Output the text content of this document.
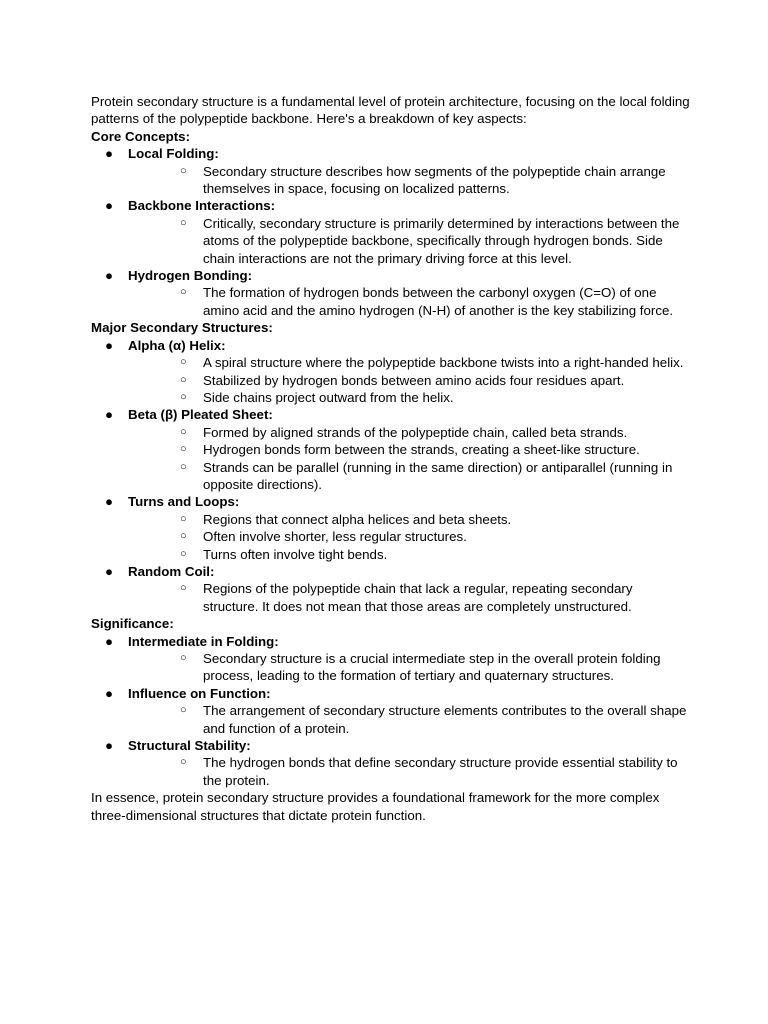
Protein secondary structure is a fundamental level of protein architecture, focusing on the local folding patterns of the polypeptide backbone. Here's a breakdown of key aspects:

Core Concepts:
● Local Folding:
○ Secondary structure describes how segments of the polypeptide chain arrange themselves in space, focusing on localized patterns.
● Backbone Interactions:
○ Critically, secondary structure is primarily determined by interactions between the atoms of the polypeptide backbone, specifically through hydrogen bonds. Side chain interactions are not the primary driving force at this level.
● Hydrogen Bonding:
○ The formation of hydrogen bonds between the carbonyl oxygen (C=O) of one amino acid and the amino hydrogen (N-H) of another is the key stabilizing force.
Major Secondary Structures:
● Alpha (α) Helix:
○ A spiral structure where the polypeptide backbone twists into a right-handed helix.
○ Stabilized by hydrogen bonds between amino acids four residues apart.
○ Side chains project outward from the helix.
● Beta (β) Pleated Sheet:
○ Formed by aligned strands of the polypeptide chain, called beta strands.
○ Hydrogen bonds form between the strands, creating a sheet-like structure.
○ Strands can be parallel (running in the same direction) or antiparallel (running in opposite directions).
● Turns and Loops:
○ Regions that connect alpha helices and beta sheets.
○ Often involve shorter, less regular structures.
○ Turns often involve tight bends.
● Random Coil:
○ Regions of the polypeptide chain that lack a regular, repeating secondary structure. It does not mean that those areas are completely unstructured.
Significance:
● Intermediate in Folding:
○ Secondary structure is a crucial intermediate step in the overall protein folding process, leading to the formation of tertiary and quaternary structures.
● Influence on Function:
○ The arrangement of secondary structure elements contributes to the overall shape and function of a protein.
● Structural Stability:
○ The hydrogen bonds that define secondary structure provide essential stability to the protein.

In essence, protein secondary structure provides a foundational framework for the more complex three-dimensional structures that dictate protein function.
